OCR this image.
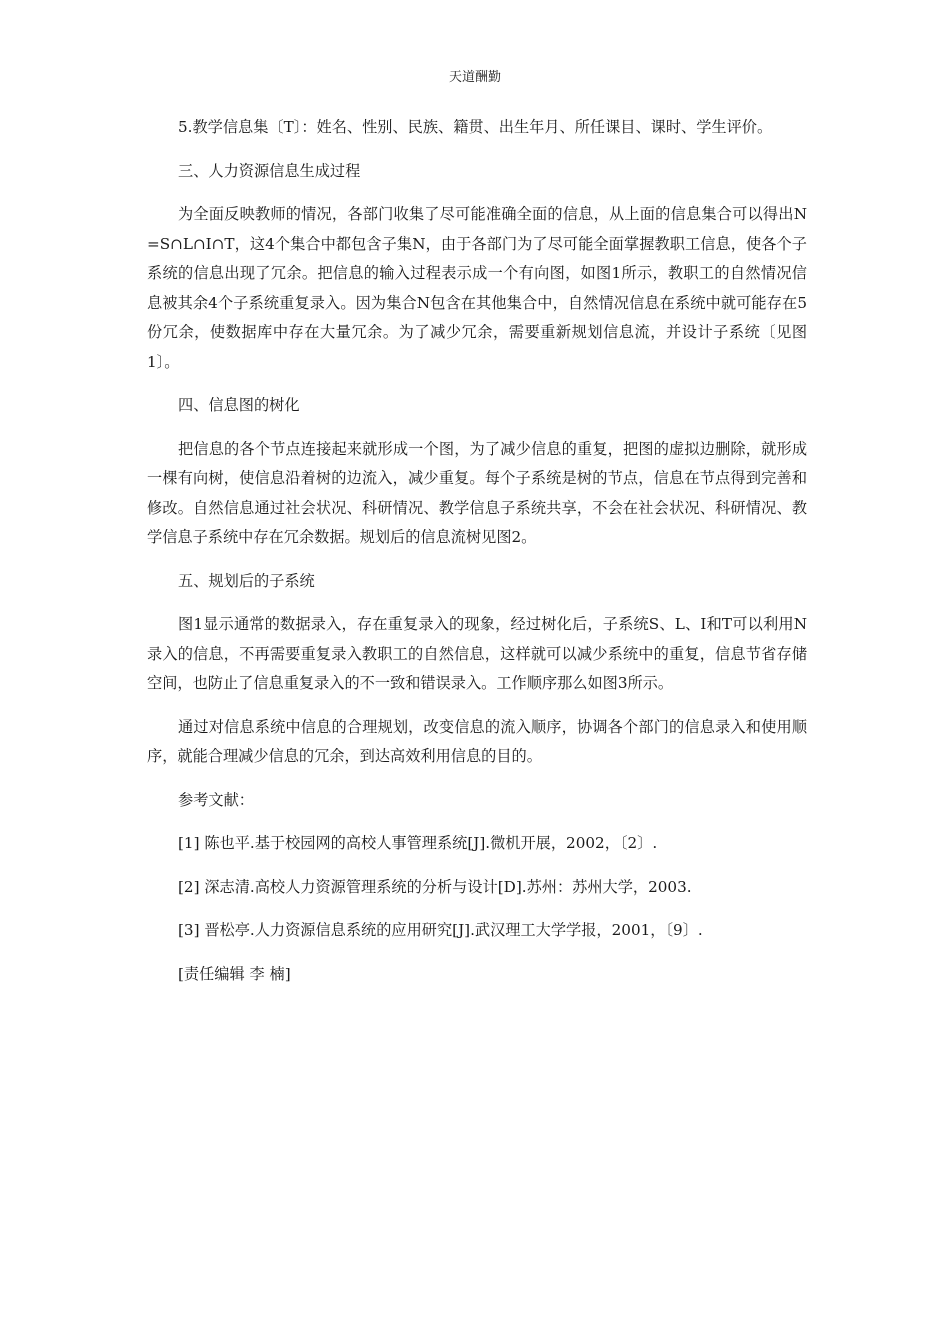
天道酬勤

5.教学信息集〔T〕：姓名、性别、民族、籍贯、出生年月、所任课目、课时、学生评价。

三、人力资源信息生成过程

为全面反映教师的情况，各部门收集了尽可能准确全面的信息，从上面的信息集合可以得出N=S∩L∩I∩T，这4个集合中都包含子集N，由于各部门为了尽可能全面掌握教职工信息，使各个子系统的信息出现了冗余。把信息的输入过程表示成一个有向图，如图1所示，教职工的自然情况信息被其余4个子系统重复录入。因为集合N包含在其他集合中，自然情况信息在系统中就可能存在5份冗余，使数据库中存在大量冗余。为了减少冗余，需要重新规划信息流，并设计子系统〔见图1〕。

四、信息图的树化

把信息的各个节点连接起来就形成一个图，为了减少信息的重复，把图的虚拟边删除，就形成一棵有向树，使信息沿着树的边流入，减少重复。每个子系统是树的节点，信息在节点得到完善和修改。自然信息通过社会状况、科研情况、教学信息子系统共享，不会在社会状况、科研情况、教学信息子系统中存在冗余数据。规划后的信息流树见图2。

五、规划后的子系统

图1显示通常的数据录入，存在重复录入的现象，经过树化后，子系统S、L、I和T可以利用N录入的信息，不再需要重复录入教职工的自然信息，这样就可以减少系统中的重复，信息节省存储空间，也防止了信息重复录入的不一致和错误录入。工作顺序那么如图3所示。

通过对信息系统中信息的合理规划，改变信息的流入顺序，协调各个部门的信息录入和使用顺序，就能合理减少信息的冗余，到达高效利用信息的目的。

参考文献：

[1] 陈也平.基于校园网的高校人事管理系统[J].微机开展，2002，〔2〕.

[2] 深志清.高校人力资源管理系统的分析与设计[D].苏州：苏州大学，2003.

[3] 晋松亭.人力资源信息系统的应用研究[J].武汉理工大学学报，2001，〔9〕.

[责任编辑 李 楠]
